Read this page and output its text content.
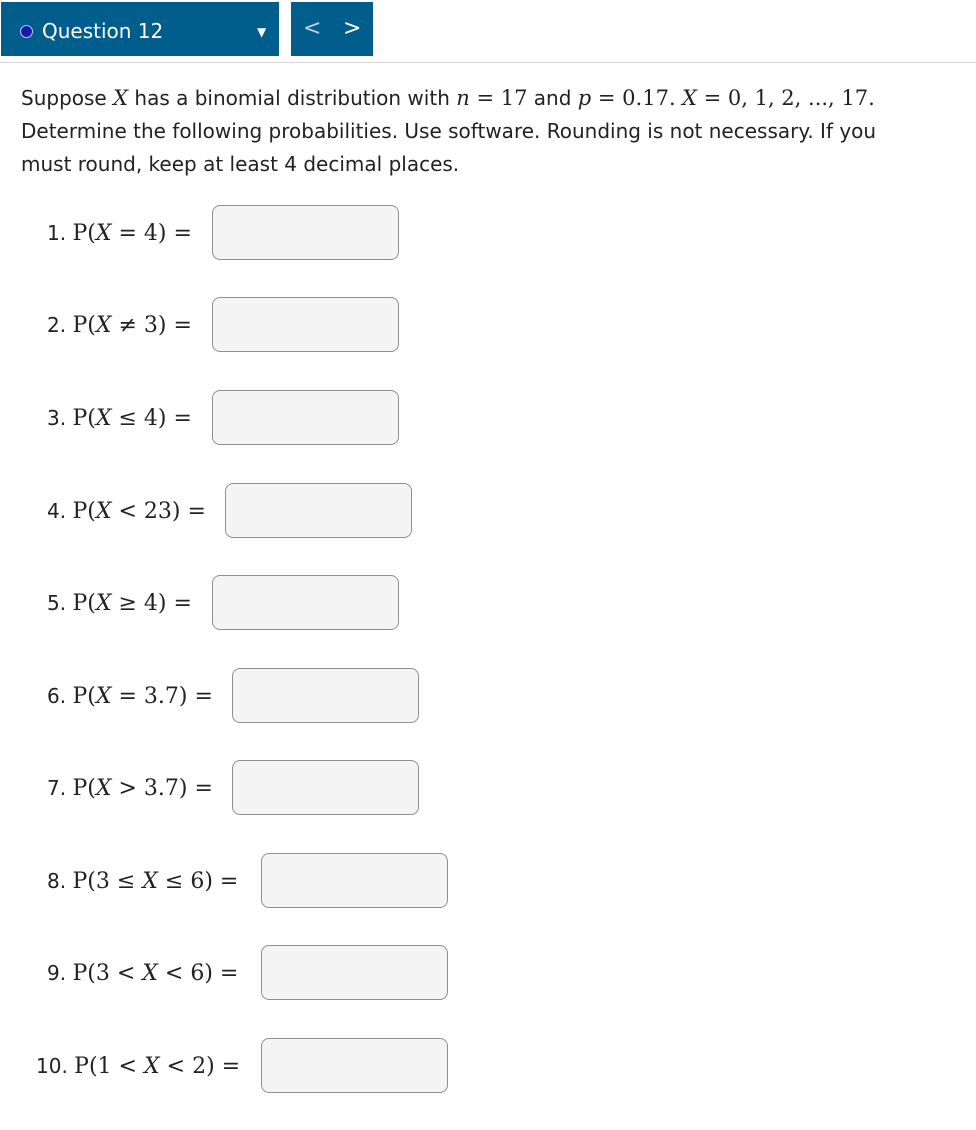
Question 12	▼ < >
Suppose X has a binomial distribution with n = 17 and p = 0.17. X = 0, 1, 2, ..., 17. Determine the following probabilities. Use software. Rounding is not necessary. If you must round, keep at least 4 decimal places.
1. P(X = 4) =
2. P(X ≠ 3) =
3. P(X ≤ 4) =
4. P(X < 23) =
5. P(X ≥ 4) =
6. P(X = 3.7) =
7. P(X > 3.7) =
8. P(3 ≤ X ≤ 6) =
9. P(3 < X < 6) =
10. P(1 < X < 2) =
